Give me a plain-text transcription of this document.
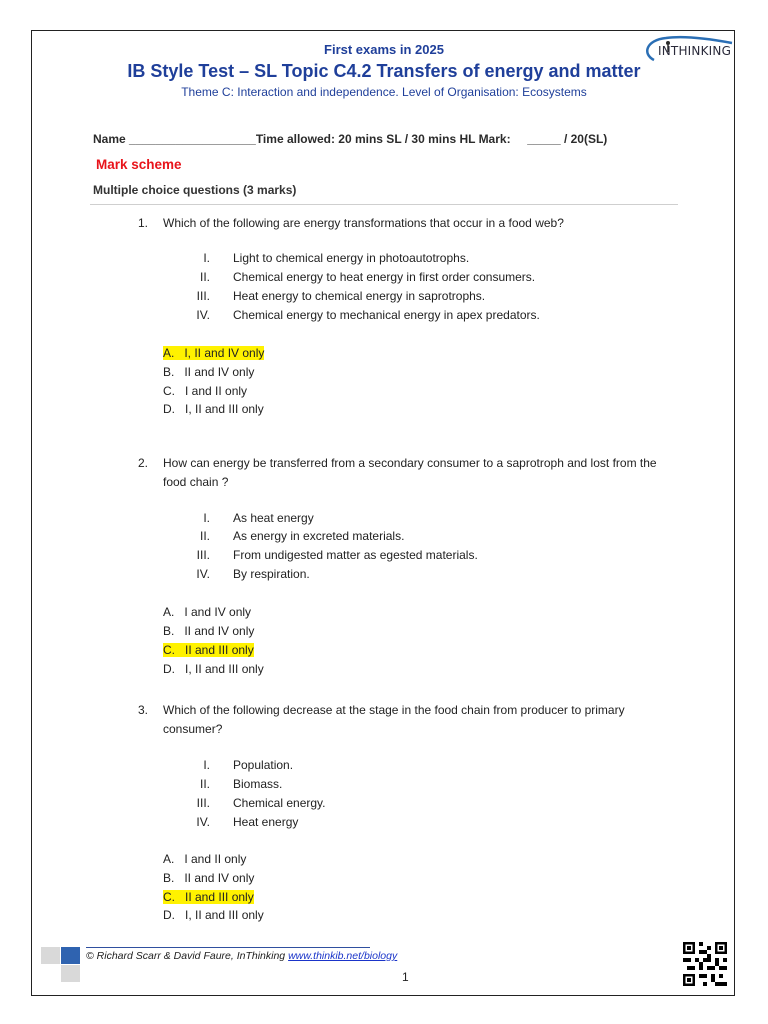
First exams in 2025
IB Style Test – SL Topic C4.2 Transfers of energy and matter
Theme C: Interaction and independence. Level of Organisation: Ecosystems
INTHINKING
Name ___________________Time allowed: 20 mins SL / 30 mins HL Mark:     _____ / 20(SL)
Mark scheme
Multiple choice questions (3 marks)
1. Which of the following are energy transformations that occur in a food web?
I. Light to chemical energy in photoautotrophs.
II. Chemical energy to heat energy in first order consumers.
III. Heat energy to chemical energy in saprotrophs.
IV. Chemical energy to mechanical energy in apex predators.
A.   I, II and IV only
B.   II and IV only
C.   I and II only
D.   I, II and III only
2. How can energy be transferred from a secondary consumer to a saprotroph and lost from the food chain ?
I. As heat energy
II. As energy in excreted materials.
III. From undigested matter as egested materials.
IV. By respiration.
A.   I and IV only
B.   II and IV only
C.   II and III only
D.   I, II and III only
3. Which of the following decrease at the stage in the food chain from producer to primary consumer?
I. Population.
II. Biomass.
III. Chemical energy.
IV. Heat energy
A.   I and II only
B.   II and IV only
C.   II and III only
D.   I, II and III only
© Richard Scarr & David Faure, InThinking www.thinkib.net/biology
1
